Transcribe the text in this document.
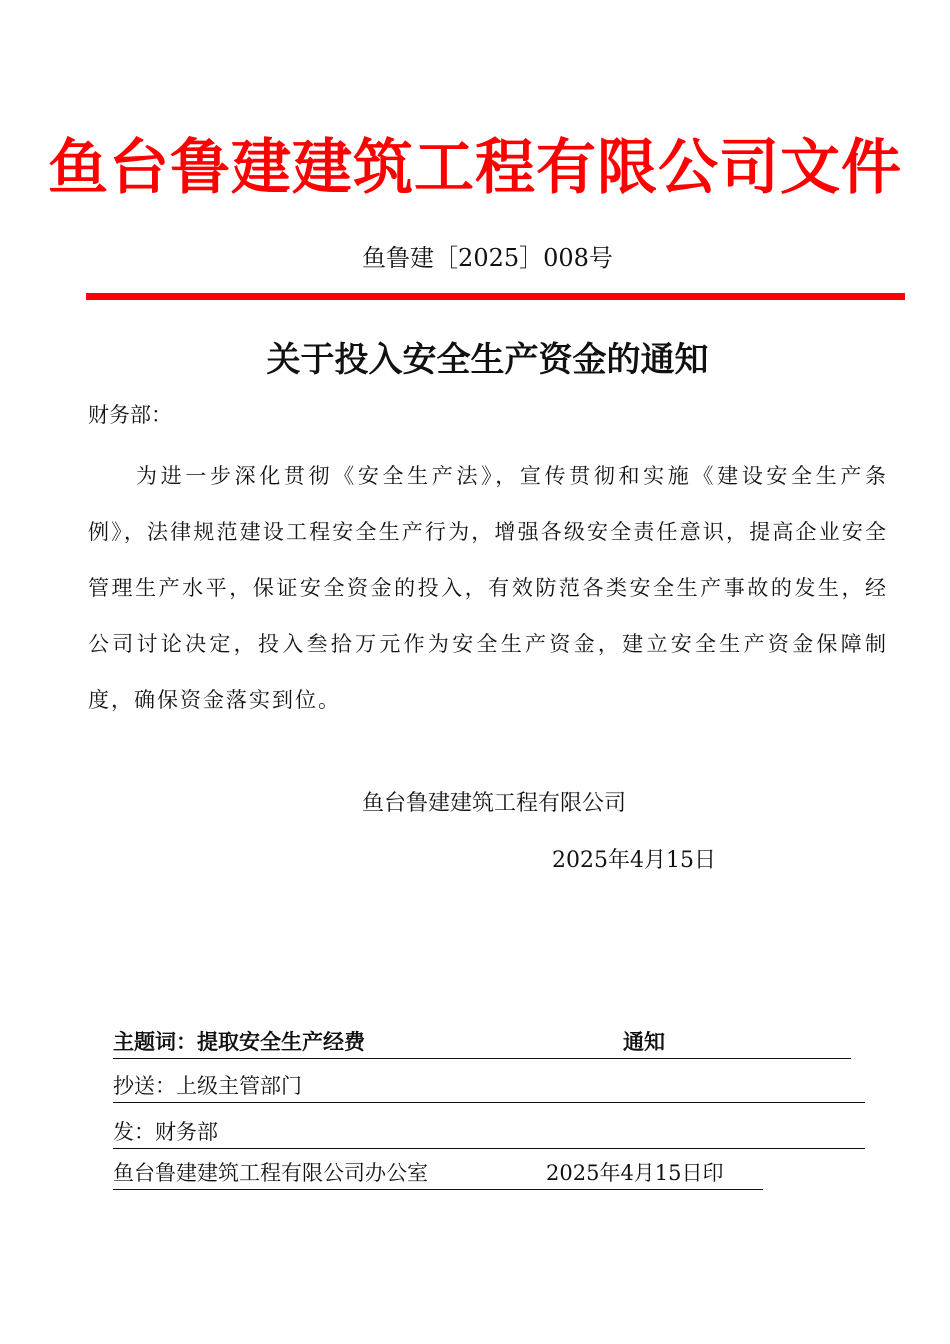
鱼台鲁建建筑工程有限公司文件
鱼鲁建［2025］008号
关于投入安全生产资金的通知
财务部：
为进一步深化贯彻《安全生产法》，宣传贯彻和实施《建设安全生产条例》，法律规范建设工程安全生产行为，增强各级安全责任意识，提高企业安全管理生产水平，保证安全资金的投入，有效防范各类安全生产事故的发生，经公司讨论决定，投入叁拾万元作为安全生产资金，建立安全生产资金保障制度，确保资金落实到位。
鱼台鲁建建筑工程有限公司
2025年4月15日
主题词：提取安全生产经费	通知
抄送：上级主管部门
发：财务部
鱼台鲁建建筑工程有限公司办公室	2025年4月15日印
